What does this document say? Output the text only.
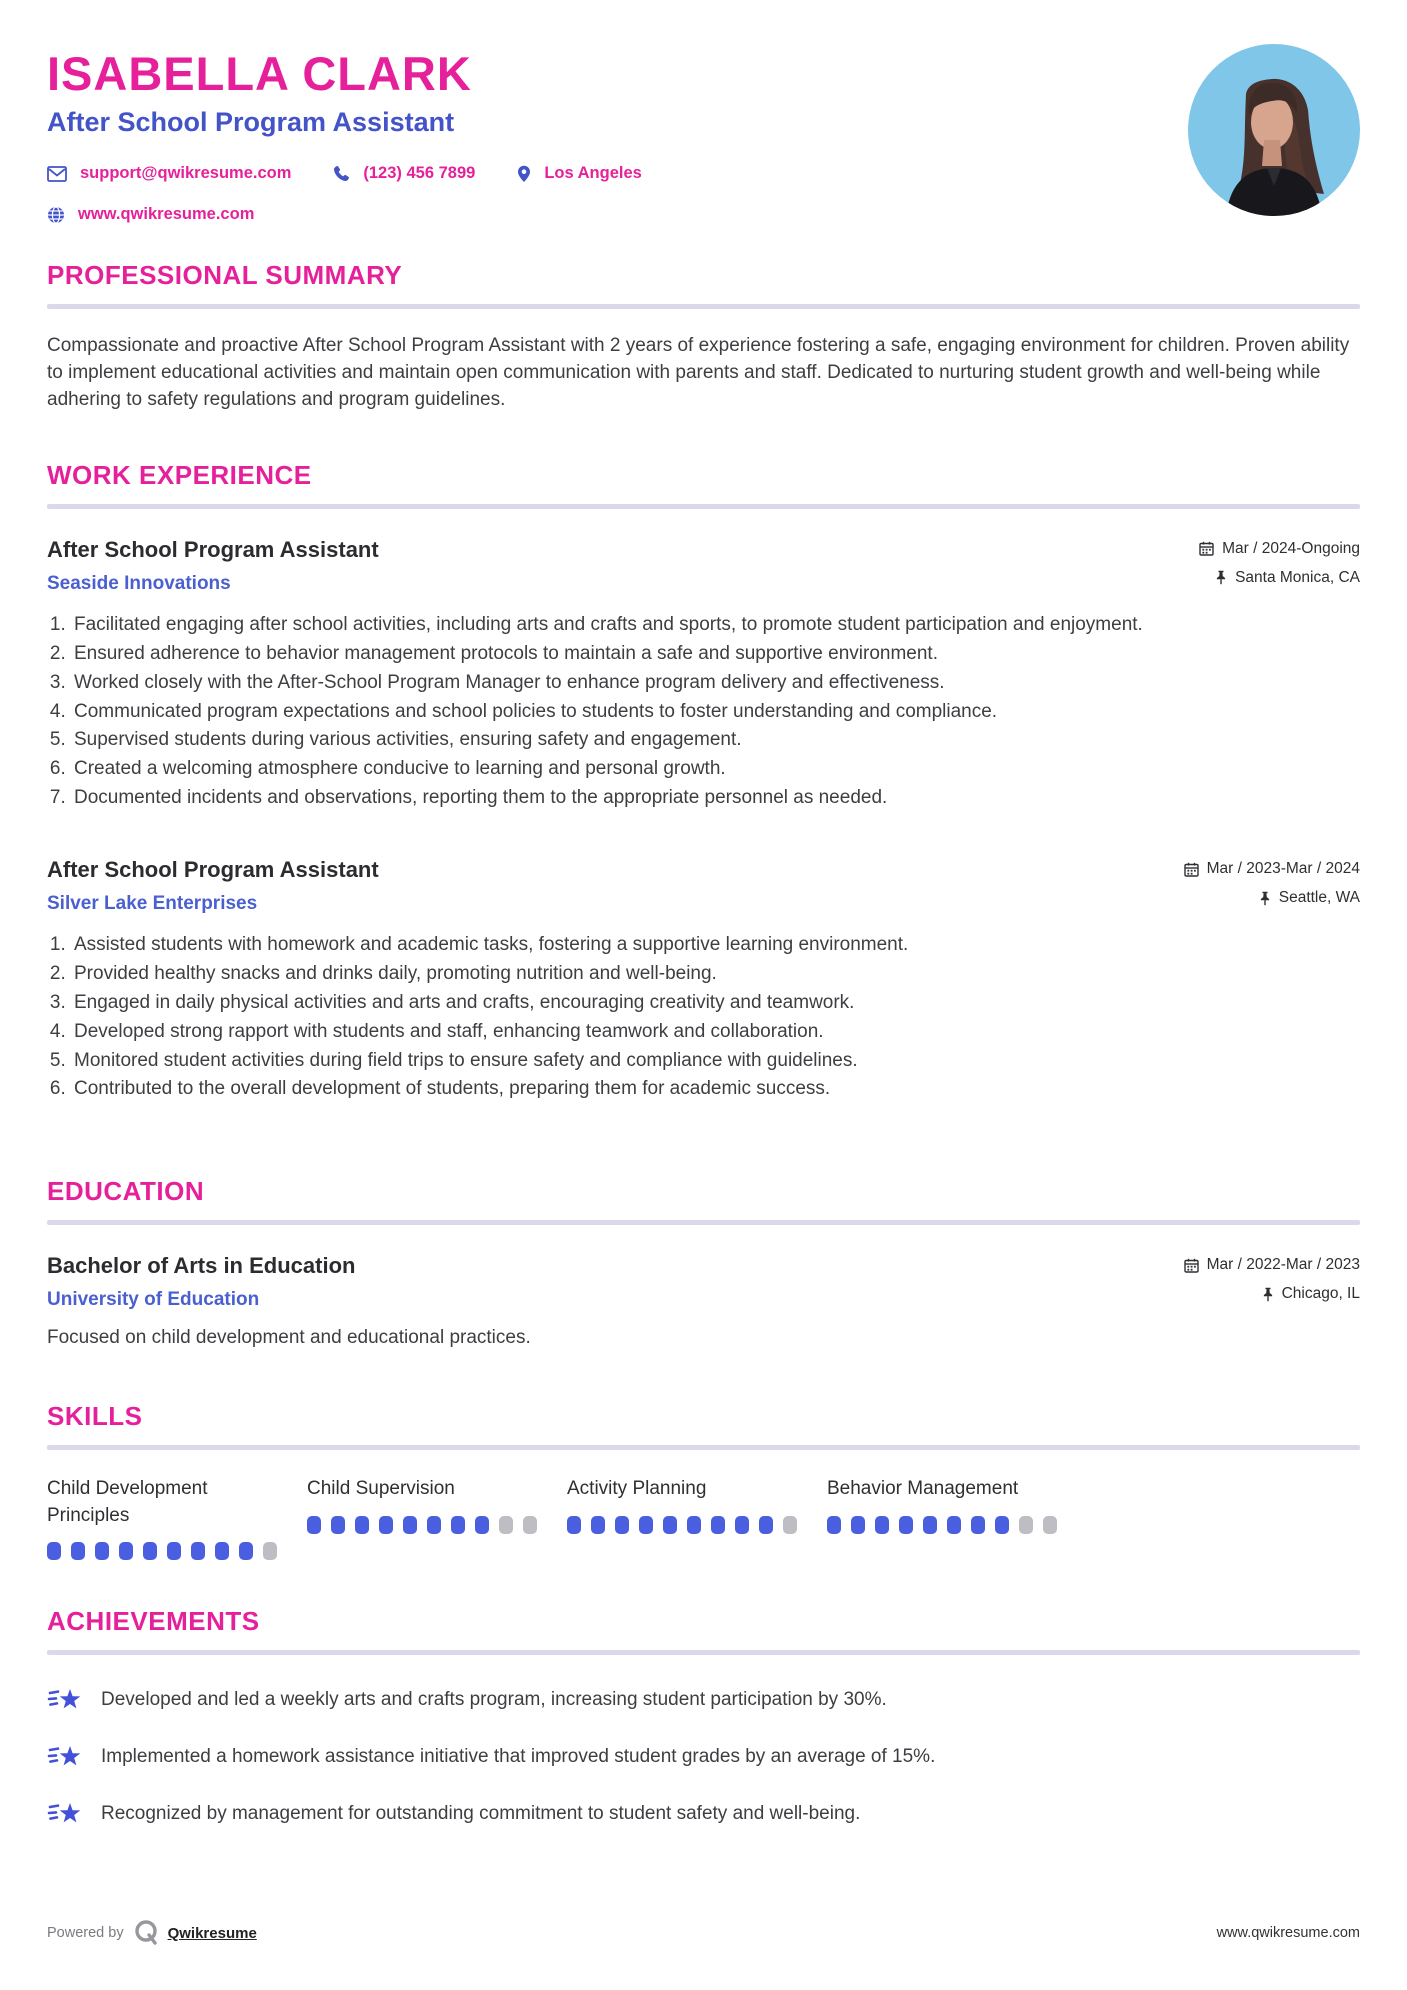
ISABELLA CLARK
After School Program Assistant
support@qwikresume.com	(123) 456 7899	Los Angeles
www.qwikresume.com
PROFESSIONAL SUMMARY

Compassionate and proactive After School Program Assistant with 2 years of experience fostering a safe, engaging environment for children. Proven ability to implement educational activities and maintain open communication with parents and staff. Dedicated to nurturing student growth and well-being while adhering to safety regulations and program guidelines.

WORK EXPERIENCE
After School Program Assistant
Seaside Innovations
Mar / 2024-Ongoing
Santa Monica, CA
1. Facilitated engaging after school activities, including arts and crafts and sports, to promote student participation and enjoyment.
2. Ensured adherence to behavior management protocols to maintain a safe and supportive environment.
3. Worked closely with the After-School Program Manager to enhance program delivery and effectiveness.
4. Communicated program expectations and school policies to students to foster understanding and compliance.
5. Supervised students during various activities, ensuring safety and engagement.
6. Created a welcoming atmosphere conducive to learning and personal growth.
7. Documented incidents and observations, reporting them to the appropriate personnel as needed.
After School Program Assistant
Silver Lake Enterprises
Mar / 2023-Mar / 2024
Seattle, WA
1. Assisted students with homework and academic tasks, fostering a supportive learning environment.
2. Provided healthy snacks and drinks daily, promoting nutrition and well-being.
3. Engaged in daily physical activities and arts and crafts, encouraging creativity and teamwork.
4. Developed strong rapport with students and staff, enhancing teamwork and collaboration.
5. Monitored student activities during field trips to ensure safety and compliance with guidelines.
6. Contributed to the overall development of students, preparing them for academic success.
EDUCATION
Bachelor of Arts in Education
University of Education
Mar / 2022-Mar / 2023
Chicago, IL

Focused on child development and educational practices.

SKILLS
Child Development Principles
Child Supervision	Activity Planning	Behavior Management
ACHIEVEMENTS
Developed and led a weekly arts and crafts program, increasing student participation by 30%.
Implemented a homework assistance initiative that improved student grades by an average of 15%.
Recognized by management for outstanding commitment to student safety and well-being.
Powered by	Qwikresume	www.qwikresume.com
